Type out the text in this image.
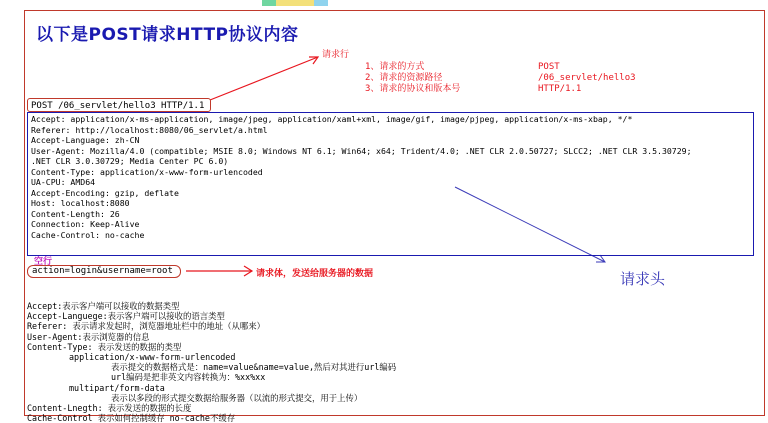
以下是POST请求HTTP协议内容
请求行
1、请求的方式
2、请求的资源路径
3、请求的协议和版本号
POST
/06_servlet/hello3
HTTP/1.1
POST /06_servlet/hello3 HTTP/1.1
Accept: application/x-ms-application, image/jpeg, application/xaml+xml, image/gif, image/pjpeg, application/x-ms-xbap, */*
Referer: http://localhost:8080/06_servlet/a.html
Accept-Language: zh-CN
User-Agent: Mozilla/4.0 (compatible; MSIE 8.0; Windows NT 6.1; Win64; x64; Trident/4.0; .NET CLR 2.0.50727; SLCC2; .NET CLR 3.5.30729;
.NET CLR 3.0.30729; Media Center PC 6.0)
Content-Type: application/x-www-form-urlencoded
UA-CPU: AMD64
Accept-Encoding: gzip, deflate
Host: localhost:8080
Content-Length: 26
Connection: Keep-Alive
Cache-Control: no-cache
空行
action=login&username=root	请求体，发送给服务器的数据	请求头
Accept:表示客户端可以接收的数据类型
Accept-Languege:表示客户端可以接收的语言类型
Referer: 表示请求发起时，浏览器地址栏中的地址（从哪来）
User-Agent:表示浏览器的信息
Content-Type: 表示发送的数据的类型
application/x-www-form-urlencoded
表示提交的数据格式是：name=value&name=value,然后对其进行url编码
url编码是把非英文内容转换为：%xx%xx
multipart/form-data
表示以多段的形式提交数据给服务器（以流的形式提交，用于上传）
Content-Lnegth: 表示发送的数据的长度
Cache-Control 表示如何控制缓存 no-cache不缓存
